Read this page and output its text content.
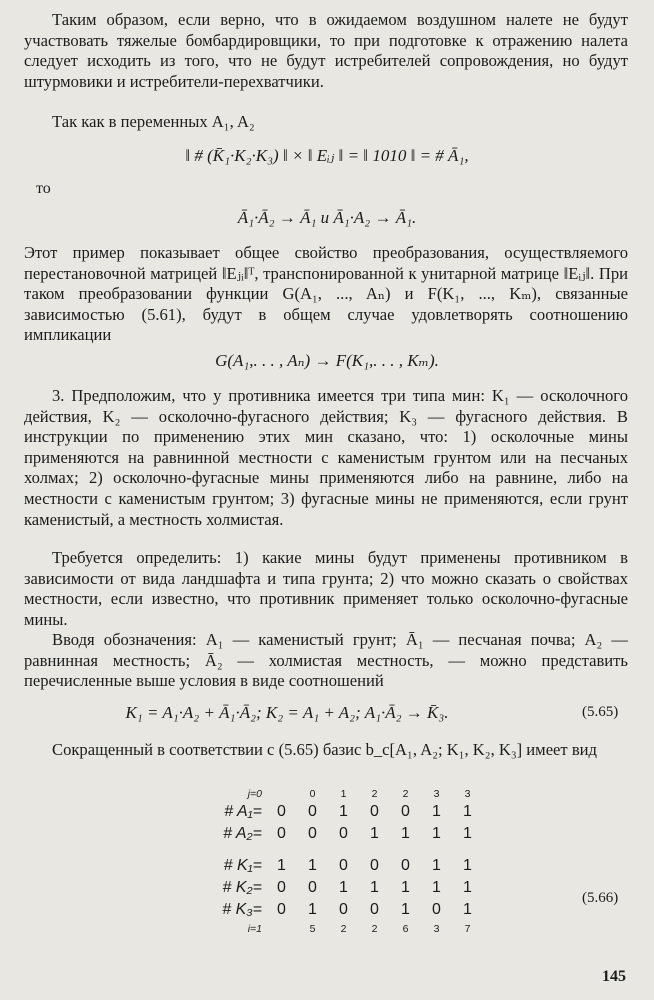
Таким образом, если верно, что в ожидаемом воздушном налете не будут участвовать тяжелые бомбардировщики, то при подготовке к отражению налета следует исходить из того, что не будут истребителей сопровождения, но будут штурмовики и истребители-перехватчики.

Так как в переменных A₁, A₂

‖ # (K̄₁·K₂·K₃) ‖ × ‖ Eᵢⱼ ‖ = ‖ 1010 ‖ = # Ā₁,
то
Ā₁·Ā₂ → Ā₁ и Ā₁·A₂ → Ā₁.

Этот пример показывает общее свойство преобразования, осуществляемого перестановочной матрицей ‖Eⱼᵢ‖ᵀ, транспонированной к унитарной матрице ‖Eᵢⱼ‖. При таком преобразовании функции G(A₁, ..., Aₙ) и F(K₁, ..., Kₘ), связанные зависимостью (5.61), будут в общем случае удовлетворять соотношению импликации

G(A₁,. . . , Aₙ) → F(K₁,. . . , Kₘ).

3. Предположим, что у противника имеется три типа мин: K₁ — осколочного действия, K₂ — осколочно-фугасного действия; K₃ — фугасного действия. В инструкции по применению этих мин сказано, что: 1) осколочные мины применяются на равнинной местности с каменистым грунтом или на песчаных холмах; 2) осколочно-фугасные мины применяются либо на равнине, либо на местности с каменистым грунтом; 3) фугасные мины не применяются, если грунт каменистый, а местность холмистая.

Требуется определить: 1) какие мины будут применены противником в зависимости от вида ландшафта и типа грунта; 2) что можно сказать о свойствах местности, если известно, что противник применяет только осколочно-фугасные мины.

Вводя обозначения: A₁ — каменистый грунт; Ā₁ — песчаная почва; A₂ — равнинная местность; Ā₂ — холмистая местность, — можно представить перечисленные выше условия в виде соотношений

K₁ = A₁·A₂ + Ā₁·Ā₂; K₂ = A₁ + A₂; A₁·Ā₂ → K̄₃.	(5.65)

Сокращенный в соответствии с (5.65) базис b_c[A₁, A₂; K₁, K₂, K₃] имеет вид

j=0		0	1	2	2	3	3
# A₁=	0	0	1	0	0	1	1
# A₂=	0	0	0	1	1	1	1

# K₁=	1	1	0	0	0	1	1
# K₂=	0	0	1	1	1	1	1
# K₃=	0	1	0	0	1	0	1
i=1		5	2	2	6	3	7
(5.66)
145
